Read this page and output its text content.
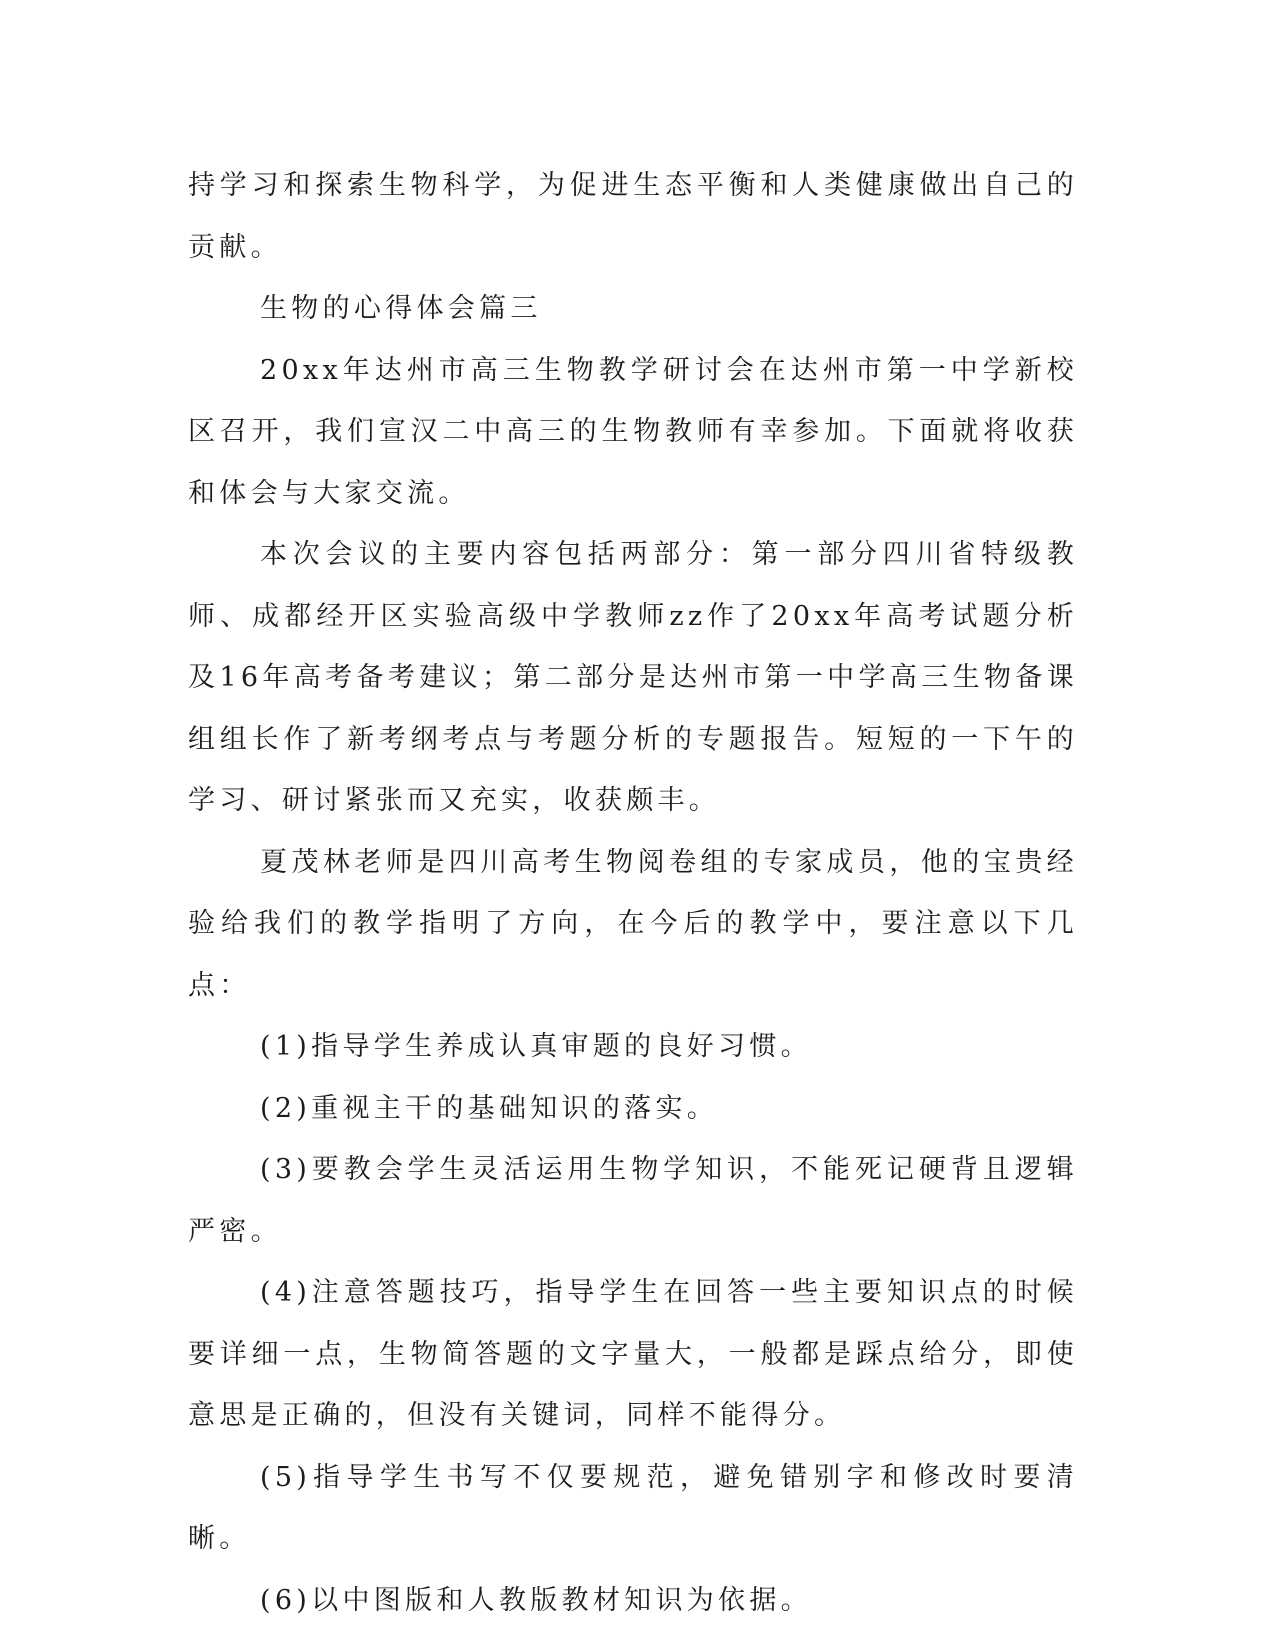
持学习和探索生物科学，为促进生态平衡和人类健康做出自己的贡献。

生物的心得体会篇三

20xx年达州市高三生物教学研讨会在达州市第一中学新校区召开，我们宣汉二中高三的生物教师有幸参加。下面就将收获和体会与大家交流。

本次会议的主要内容包括两部分：第一部分四川省特级教师、成都经开区实验高级中学教师zz作了20xx年高考试题分析及16年高考备考建议；第二部分是达州市第一中学高三生物备课组组长作了新考纲考点与考题分析的专题报告。短短的一下午的学习、研讨紧张而又充实，收获颇丰。

夏茂林老师是四川高考生物阅卷组的专家成员，他的宝贵经验给我们的教学指明了方向，在今后的教学中，要注意以下几点：

(1)指导学生养成认真审题的良好习惯。

(2)重视主干的基础知识的落实。

(3)要教会学生灵活运用生物学知识，不能死记硬背且逻辑严密。

(4)注意答题技巧，指导学生在回答一些主要知识点的时候要详细一点，生物简答题的文字量大，一般都是踩点给分，即使意思是正确的，但没有关键词，同样不能得分。

(5)指导学生书写不仅要规范，避免错别字和修改时要清晰。

(6)以中图版和人教版教材知识为依据。
